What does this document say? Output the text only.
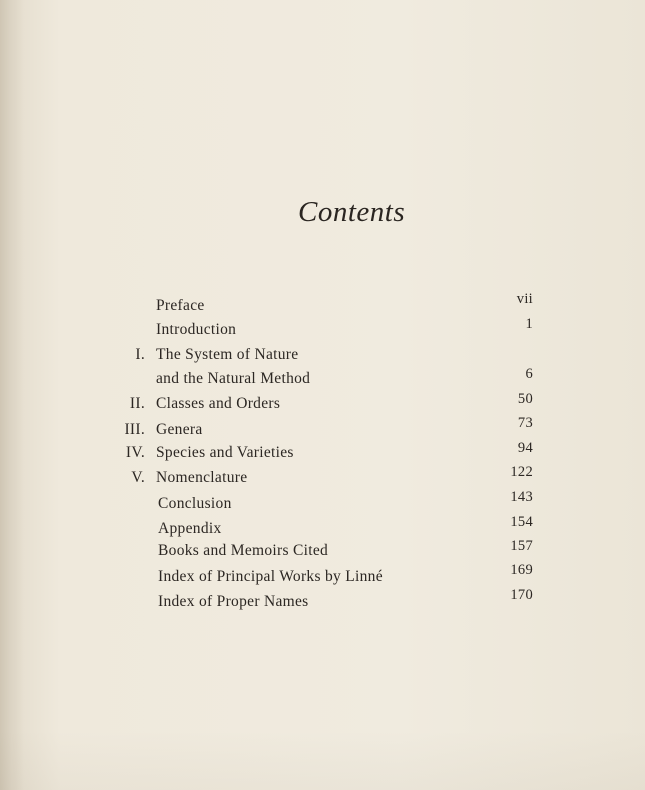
Contents
Preface	vii
Introduction	1
I. The System of Nature
and the Natural Method	6
II. Classes and Orders	50
III. Genera	73
IV. Species and Varieties	94
V. Nomenclature	122
Conclusion	143
Appendix	154
Books and Memoirs Cited	157
Index of Principal Works by Linné	169
Index of Proper Names	170
